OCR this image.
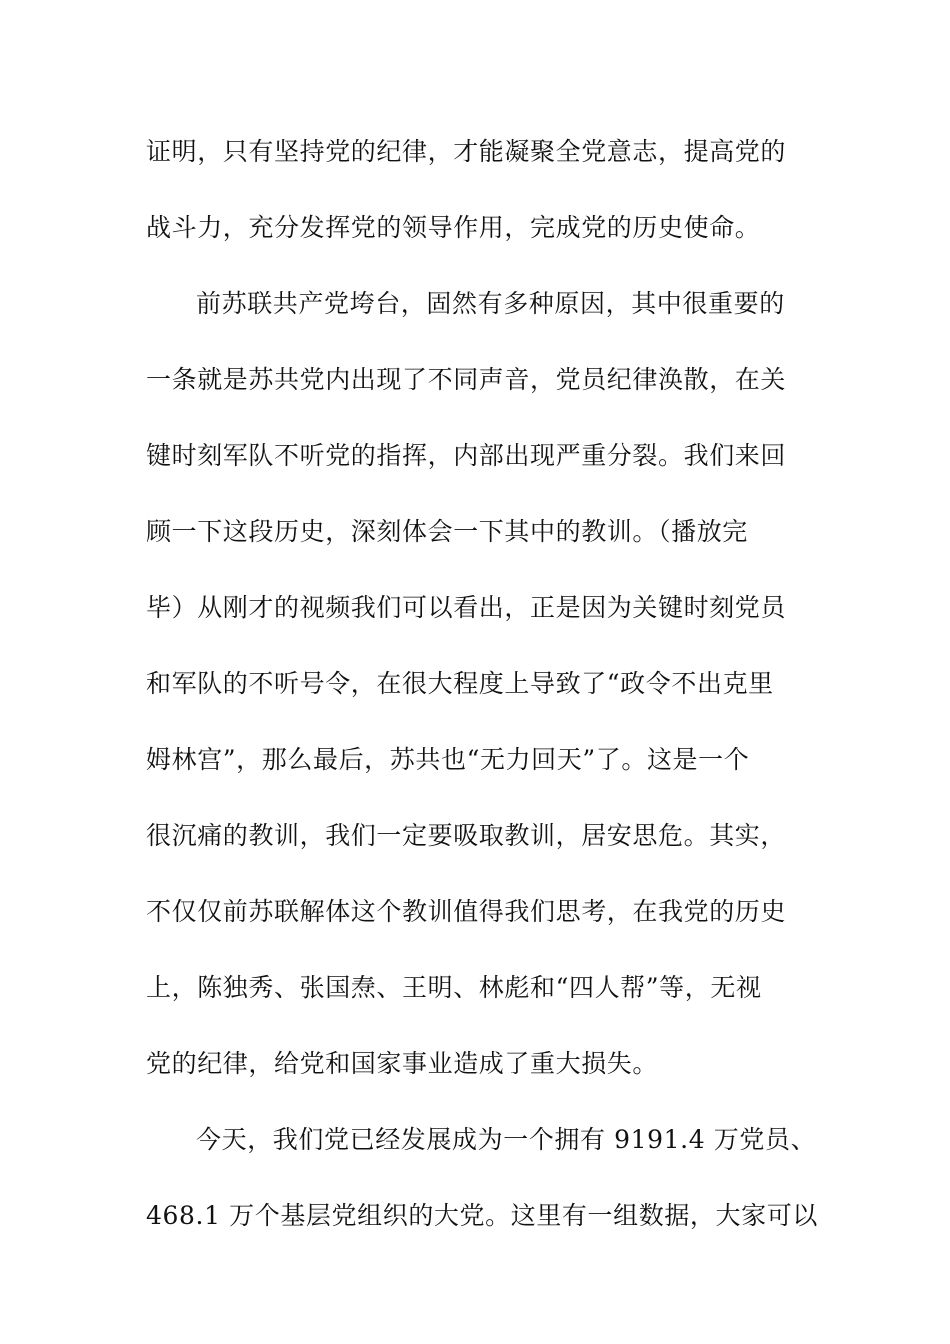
证明，只有坚持党的纪律，才能凝聚全党意志，提高党的
战斗力，充分发挥党的领导作用，完成党的历史使命。
前苏联共产党垮台，固然有多种原因，其中很重要的
一条就是苏共党内出现了不同声音，党员纪律涣散，在关
键时刻军队不听党的指挥，内部出现严重分裂。我们来回
顾一下这段历史，深刻体会一下其中的教训。（播放完
毕）从刚才的视频我们可以看出，正是因为关键时刻党员
和军队的不听号令，在很大程度上导致了“政令不出克里
姆林宫”，那么最后，苏共也“无力回天”了。这是一个
很沉痛的教训，我们一定要吸取教训，居安思危。其实，
不仅仅前苏联解体这个教训值得我们思考，在我党的历史
上，陈独秀、张国焘、王明、林彪和“四人帮”等，无视
党的纪律，给党和国家事业造成了重大损失。
今天，我们党已经发展成为一个拥有 9191.4 万党员、
468.1 万个基层党组织的大党。这里有一组数据，大家可以
